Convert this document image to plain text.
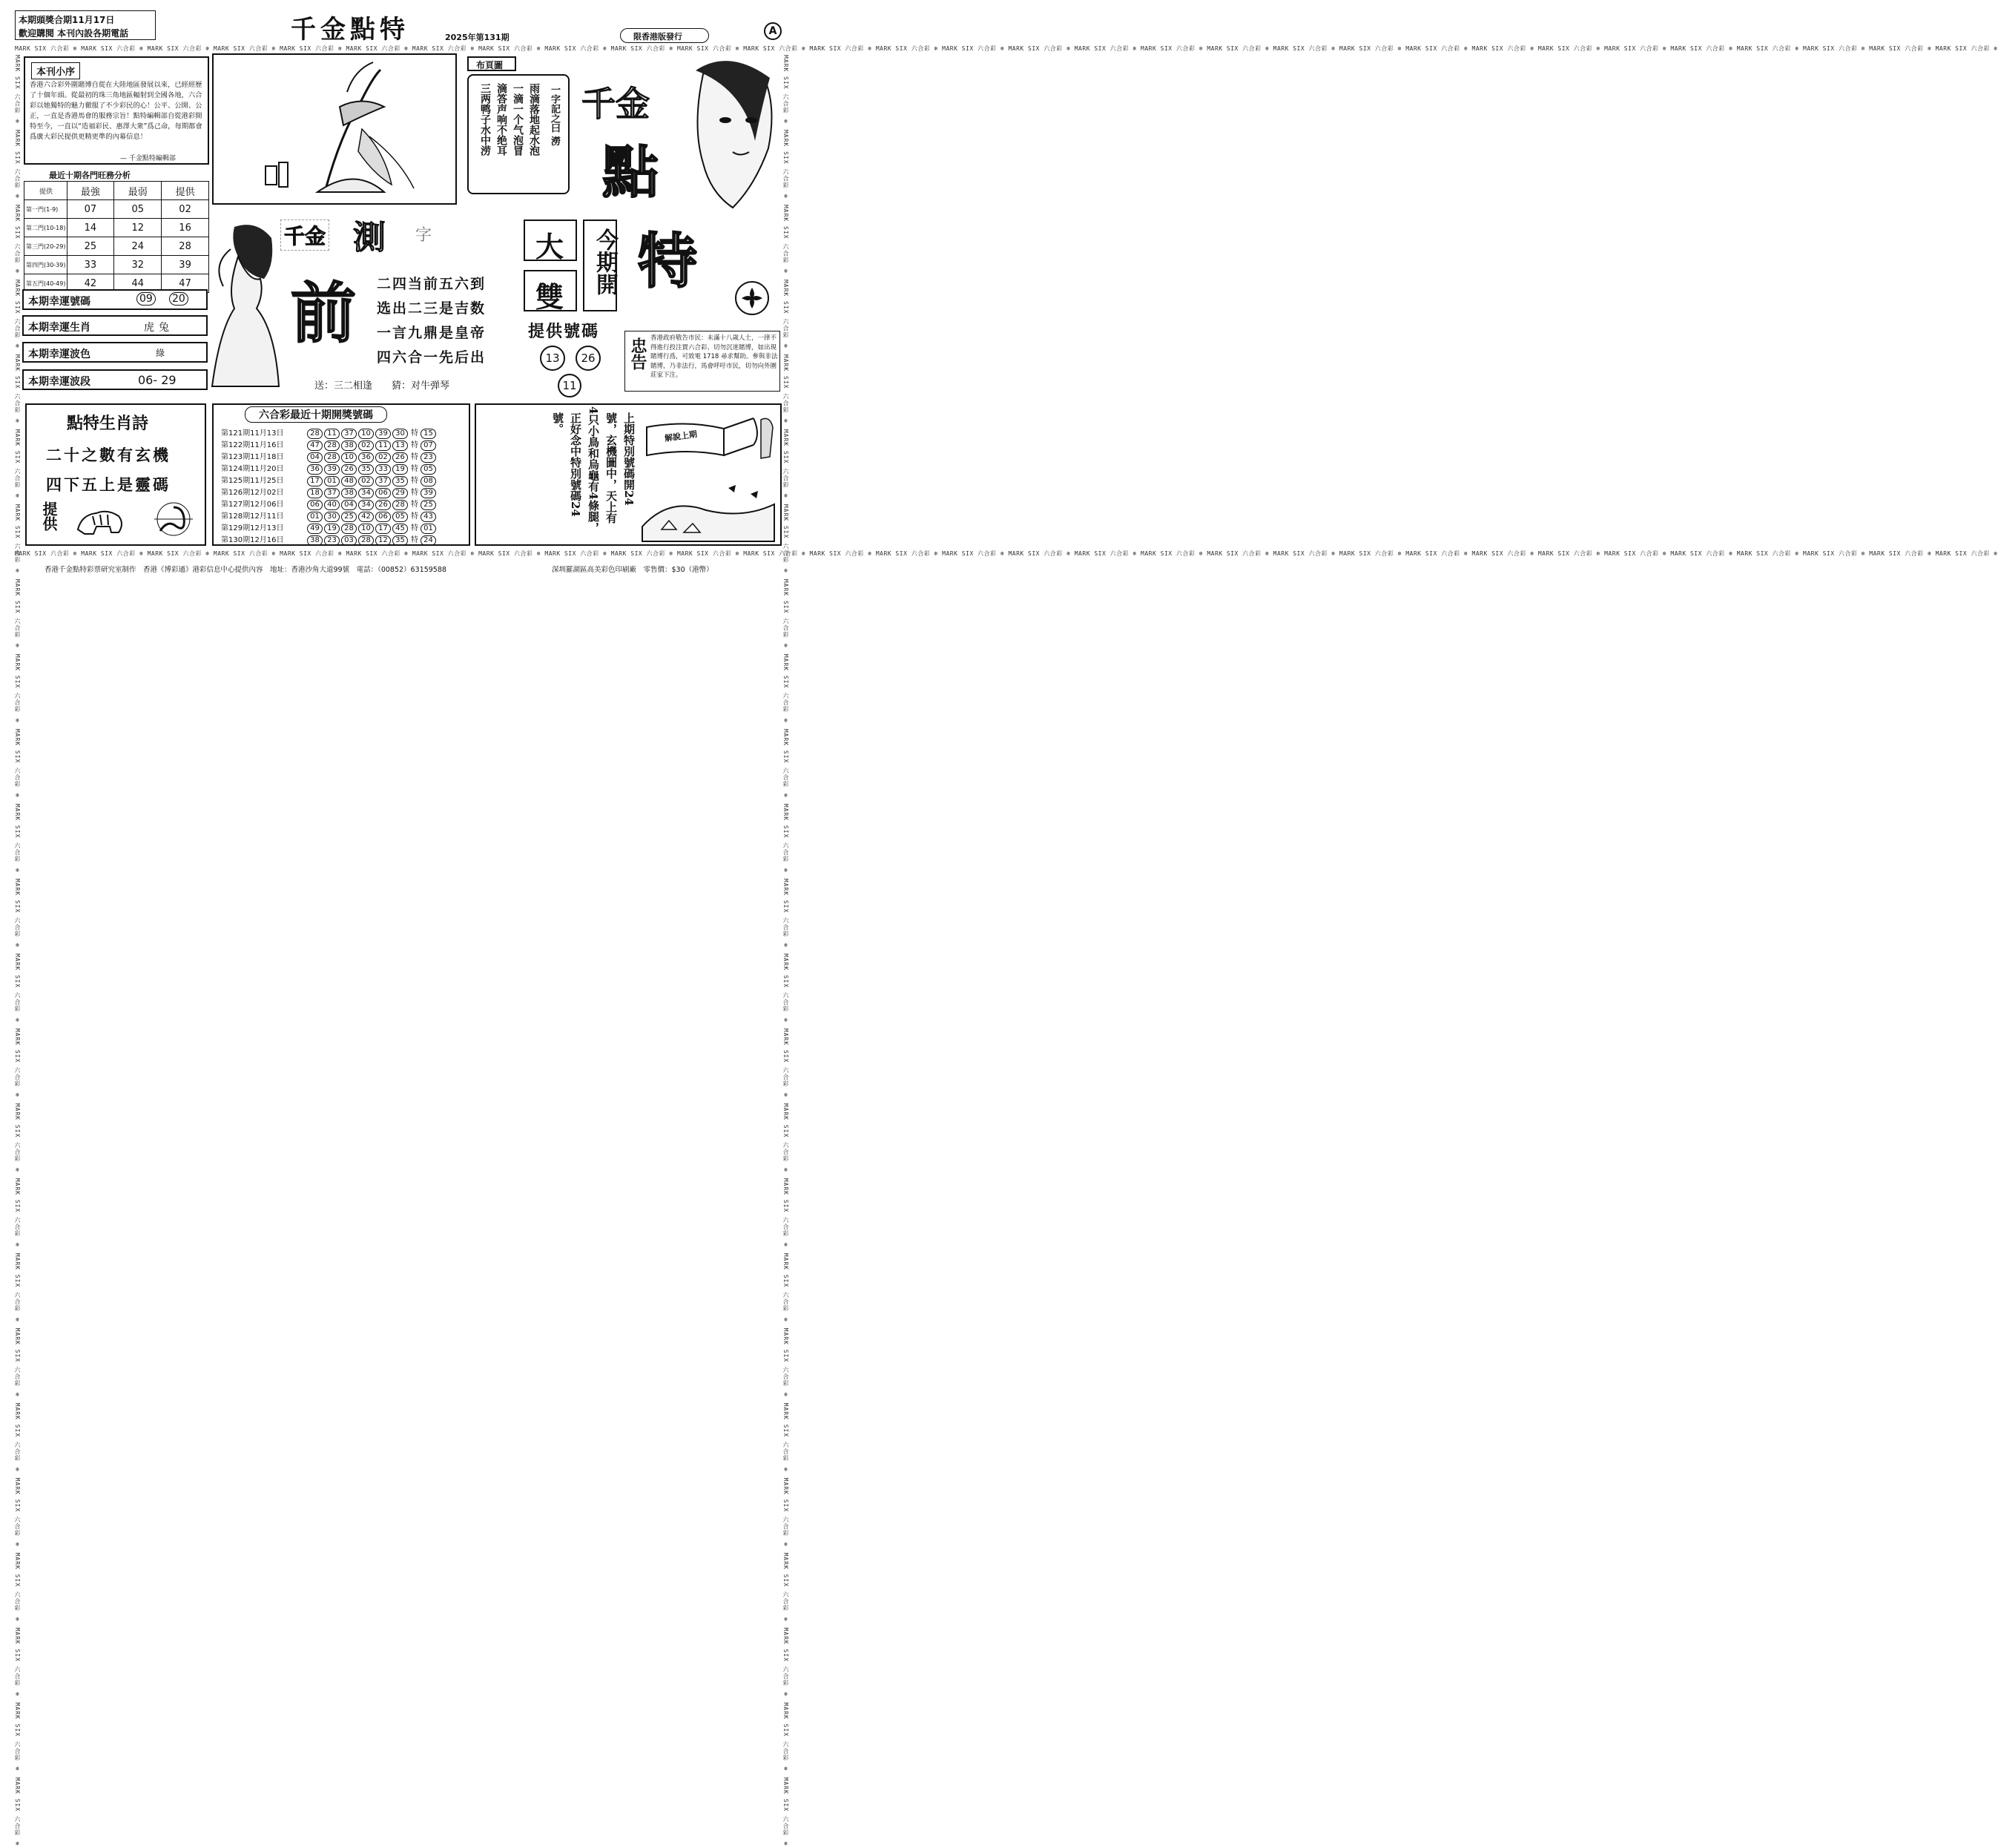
本期頭獎合期11月17日
歡迎購閱 本刊內設各期電話	千金點特	2025年第131期	限香港版發行	A
MARK SIX 六合彩 ❄ MARK SIX 六合彩 ❄ MARK SIX 六合彩 ❄ MARK SIX 六合彩 ❄ MARK SIX 六合彩 ❄ MARK SIX 六合彩 ❄ MARK SIX 六合彩 ❄ MARK SIX 六合彩 ❄ MARK SIX 六合彩 ❄ MARK SIX 六合彩 ❄ MARK SIX 六合彩 ❄ MARK SIX 六合彩 ❄ MARK SIX 六合彩 ❄ MARK SIX 六合彩 ❄ MARK SIX 六合彩 ❄ MARK SIX 六合彩 ❄ MARK SIX 六合彩 ❄ MARK SIX 六合彩 ❄ MARK SIX 六合彩 ❄ MARK SIX 六合彩 ❄ MARK SIX 六合彩 ❄ MARK SIX 六合彩 ❄ MARK SIX 六合彩 ❄ MARK SIX 六合彩 ❄ MARK SIX 六合彩 ❄ MARK SIX 六合彩 ❄ MARK SIX 六合彩 ❄ MARK SIX 六合彩 ❄ MARK SIX 六合彩 ❄ MARK SIX 六合彩 ❄
MARK SIX 六合彩 ❄ MARK SIX 六合彩 ❄ MARK SIX 六合彩 ❄ MARK SIX 六合彩 ❄ MARK SIX 六合彩 ❄ MARK SIX 六合彩 ❄ MARK SIX 六合彩 ❄ MARK SIX 六合彩 ❄ MARK SIX 六合彩 ❄ MARK SIX 六合彩 ❄ MARK SIX 六合彩 ❄ MARK SIX 六合彩 ❄ MARK SIX 六合彩 ❄ MARK SIX 六合彩 ❄ MARK SIX 六合彩 ❄ MARK SIX 六合彩 ❄ MARK SIX 六合彩 ❄ MARK SIX 六合彩 ❄ MARK SIX 六合彩 ❄ MARK SIX 六合彩 ❄ MARK SIX 六合彩 ❄ MARK SIX 六合彩 ❄ MARK SIX 六合彩 ❄ MARK SIX 六合彩 ❄ MARK SIX 六合彩 ❄ MARK SIX 六合彩 ❄ MARK SIX 六合彩 ❄ MARK SIX 六合彩 ❄ MARK SIX 六合彩 ❄ MARK SIX 六合彩 ❄
MARK SIX 六合彩 ❄ MARK SIX 六合彩 ❄ MARK SIX 六合彩 ❄ MARK SIX 六合彩 ❄ MARK SIX 六合彩 ❄ MARK SIX 六合彩 ❄ MARK SIX 六合彩 ❄ MARK SIX 六合彩 ❄ MARK SIX 六合彩 ❄ MARK SIX 六合彩 ❄ MARK SIX 六合彩 ❄ MARK SIX 六合彩 ❄ MARK SIX 六合彩 ❄ MARK SIX 六合彩 ❄ MARK SIX 六合彩 ❄ MARK SIX 六合彩 ❄ MARK SIX 六合彩 ❄ MARK SIX 六合彩 ❄ MARK SIX 六合彩 ❄ MARK SIX 六合彩 ❄ MARK SIX 六合彩 ❄ MARK SIX 六合彩 ❄ MARK SIX 六合彩 ❄ MARK SIX 六合彩 ❄	MARK SIX 六合彩 ❄ MARK SIX 六合彩 ❄ MARK SIX 六合彩 ❄ MARK SIX 六合彩 ❄ MARK SIX 六合彩 ❄ MARK SIX 六合彩 ❄ MARK SIX 六合彩 ❄ MARK SIX 六合彩 ❄ MARK SIX 六合彩 ❄ MARK SIX 六合彩 ❄ MARK SIX 六合彩 ❄ MARK SIX 六合彩 ❄ MARK SIX 六合彩 ❄ MARK SIX 六合彩 ❄ MARK SIX 六合彩 ❄ MARK SIX 六合彩 ❄ MARK SIX 六合彩 ❄ MARK SIX 六合彩 ❄ MARK SIX 六合彩 ❄ MARK SIX 六合彩 ❄ MARK SIX 六合彩 ❄ MARK SIX 六合彩 ❄ MARK SIX 六合彩 ❄ MARK SIX 六合彩 ❄
本刊小序
香港六合彩外圍賭博自從在大陸地區發展以來，已經經歷了十個年頭。從最初的珠三角地區輻射到全國各地，六合彩以她獨特的魅力徹服了不少彩民的心！公平、公開、公正，一直是香港馬會的服務宗旨！點特編輯部自從港彩開特至今，一直以“造福彩民、惠澤大衆”爲己命，每期都會爲廣大彩民提供更精更準的內幕信息！
— 千金點特編輯部
最近十期各門旺務分析
提供	最強	最弱	提供
第一門(1-9)	07	05	02
第二門(10-18)	14	12	16
第三門(20-29)	25	24	28
第四門(30-39)	33	32	39
第五門(40-49)	42	44	47
本期幸運號碼	09 20
本期幸運生肖	虎兔
本期幸運波色	綠
本期幸運波段	06- 29
布頁圖
一字記之曰 澇
雨滴落地起水泡
一滴一个气泡冒
滴答声响不绝耳
三两鸭子水中涝	千金
點
特
大
雙
今期開
提供號碼
13	26
11
忠告 香港政府敬告市民：未滿十八歲人士，一律不得進行投注賈六合彩、切勿沉迷賭博，如出現賭博行爲，可致電 1718 尋求幫助。參與非法賭博，乃非法行，馬會呼吁市民，切勿向外圍莊家下注。
千金 測 字
前 二四当前五六到
选出二三是吉数
一言九鼎是皇帝
四六合一先后出
送：三二相逢 猜：对牛弹琴
點特生肖詩
二十之數有玄機
四下五上是靈碼
提供
六合彩最近十期開獎號碼
第121期11月13日	28 11 37 10 39 30 特 15
第122期11月16日	47 28 38 02 11 13 特 07
第123期11月18日	04 28 10 36 02 26 特 23
第124期11月20日	36 39 26 35 33 19 特 05
第125期11月25日	17 01 48 02 37 35 特 08
第126期12月02日	18 37 38 34 06 29 特 39
第127期12月06日	06 40 04 34 26 28 特 25
第128期12月11日	01 30 25 42 06 05 特 43
第129期12月13日	49 19 28 10 17 45 特 01
第130期12月16日	38 23 03 28 12 35 特 24
上期特別號碼開24
號，玄機圖中，天上有
4只小鳥和烏龜有4條腿，
正好念中特別號碼24
號。
解說上期
香港千金點特彩票研究室制作　香港《博彩通》港彩信息中心提供內容　地址：香港沙角大道99號　電話：（00852）63159588	深圳羅湖區高美彩色印刷廠　零售價：$30（港幣）
